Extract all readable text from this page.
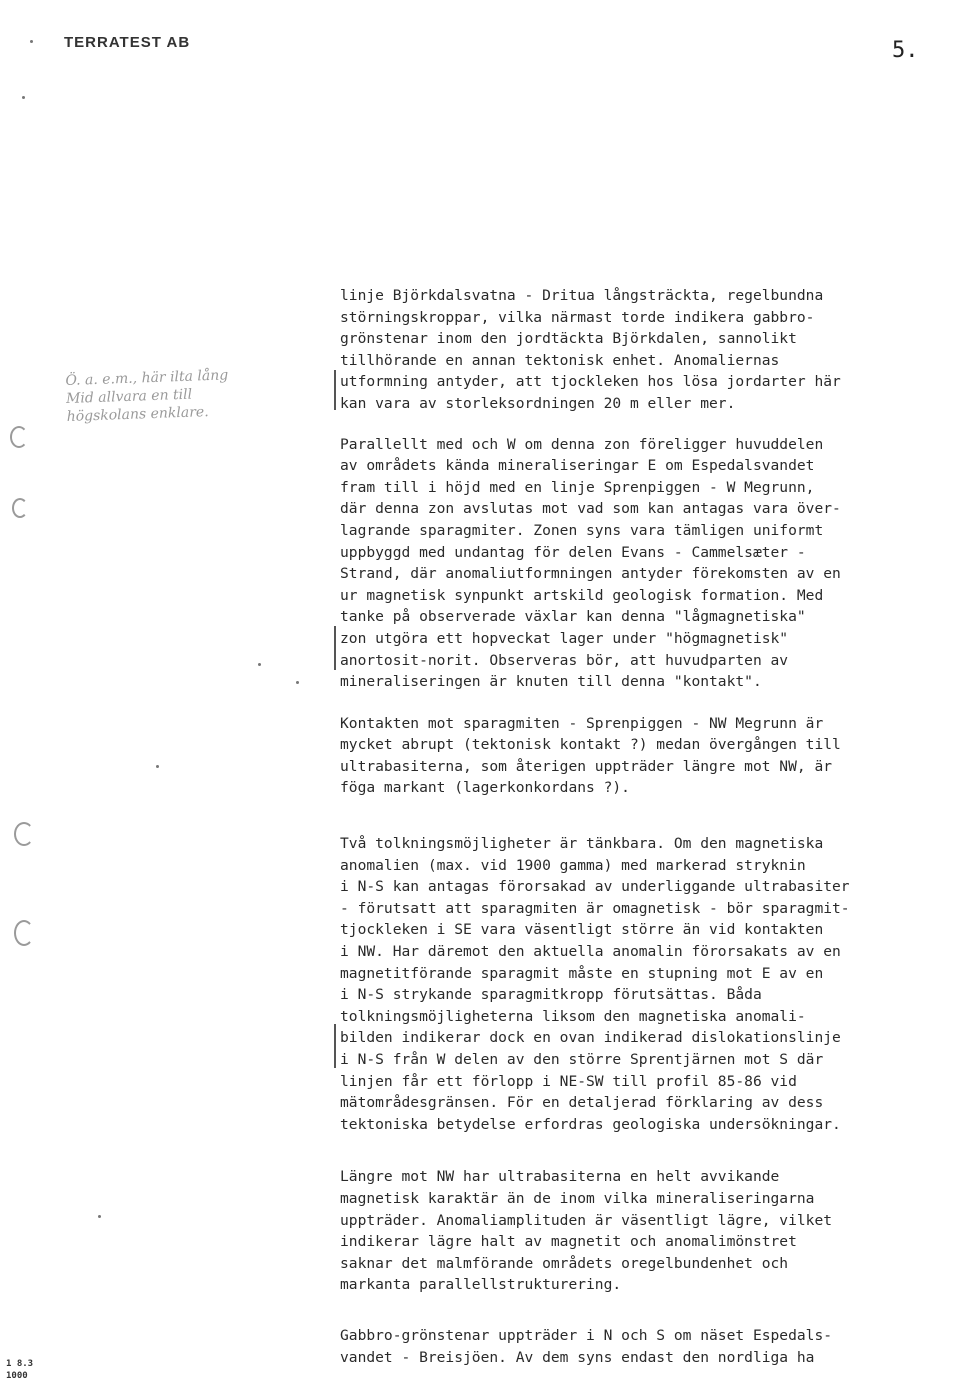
TERRATEST AB	5.
Ö. a. e.m., här ilta lång
Mid allvara en till
högskolans enklare.
linje Björkdalsvatna - Dritua långsträckta, regelbundna
störningskroppar, vilka närmast torde indikera gabbro-
grönstenar inom den jordtäckta Björkdalen, sannolikt
tillhörande en annan tektonisk enhet. Anomaliernas
utformning antyder, att tjockleken hos lösa jordarter här
kan vara av storleksordningen 20 m eller mer.
Parallellt med och W om denna zon föreligger huvuddelen
av områdets kända mineraliseringar E om Espedalsvandet
fram till i höjd med en linje Sprenpiggen - W Megrunn,
där denna zon avslutas mot vad som kan antagas vara över-
lagrande sparagmiter. Zonen syns vara tämligen uniformt
uppbyggd med undantag för delen Evans - Cammelsæter -
Strand, där anomaliutformningen antyder förekomsten av en
ur magnetisk synpunkt artskild geologisk formation. Med
tanke på observerade växlar kan denna "lågmagnetiska"
zon utgöra ett hopveckat lager under "högmagnetisk"
anortosit-norit. Observeras bör, att huvudparten av
mineraliseringen är knuten till denna "kontakt".
Kontakten mot sparagmiten - Sprenpiggen - NW Megrunn är
mycket abrupt (tektonisk kontakt ?) medan övergången till
ultrabasiterna, som återigen uppträder längre mot NW, är
föga markant (lagerkonkordans ?).
Två tolkningsmöjligheter är tänkbara. Om den magnetiska
anomalien (max. vid 1900 gamma) med markerad stryknin
i N-S kan antagas förorsakad av underliggande ultrabasiter
- förutsatt att sparagmiten är omagnetisk - bör sparagmit-
tjockleken i SE vara väsentligt större än vid kontakten
i NW. Har däremot den aktuella anomalin förorsakats av en
magnetitförande sparagmit måste en stupning mot E av en
i N-S strykande sparagmitkropp förutsättas. Båda
tolkningsmöjligheterna liksom den magnetiska anomali-
bilden indikerar dock en ovan indikerad dislokationslinje
i N-S från W delen av den större Sprentjärnen mot S där
linjen får ett förlopp i NE-SW till profil 85-86 vid
mätområdesgränsen. För en detaljerad förklaring av dess
tektoniska betydelse erfordras geologiska undersökningar.
Längre mot NW har ultrabasiterna en helt avvikande
magnetisk karaktär än de inom vilka mineraliseringarna
uppträder. Anomaliamplituden är väsentligt lägre, vilket
indikerar lägre halt av magnetit och anomalimönstret
saknar det malmförande områdets oregelbundenhet och
markanta parallellstrukturering.
Gabbro-grönstenar uppträder i N och S om näset Espedals-
vandet - Breisjöen. Av dem syns endast den nordliga ha
1 8.3
1000
